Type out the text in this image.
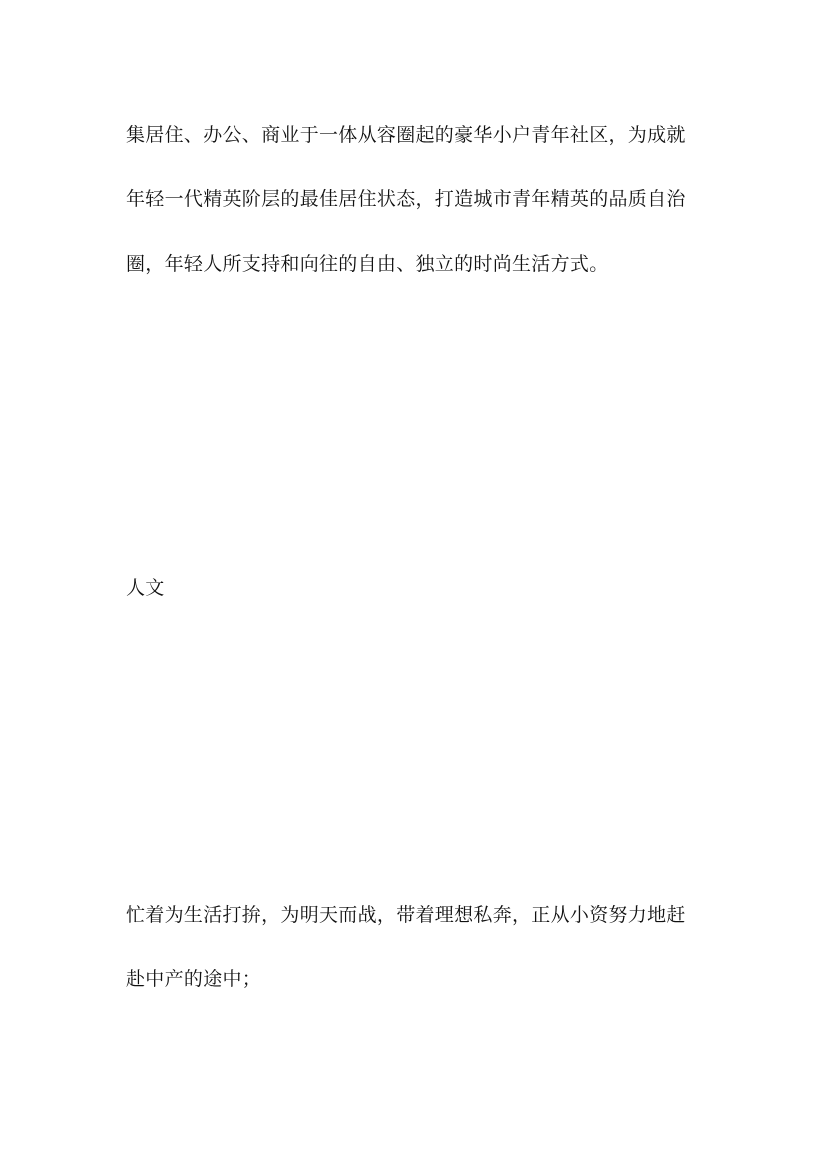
集居住、办公、商业于一体从容圈起的豪华小户青年社区，为成就
年轻一代精英阶层的最佳居住状态，打造城市青年精英的品质自治
圈，年轻人所支持和向往的自由、独立的时尚生活方式。
人文
忙着为生活打拚，为明天而战，带着理想私奔，正从小资努力地赶
赴中产的途中；
